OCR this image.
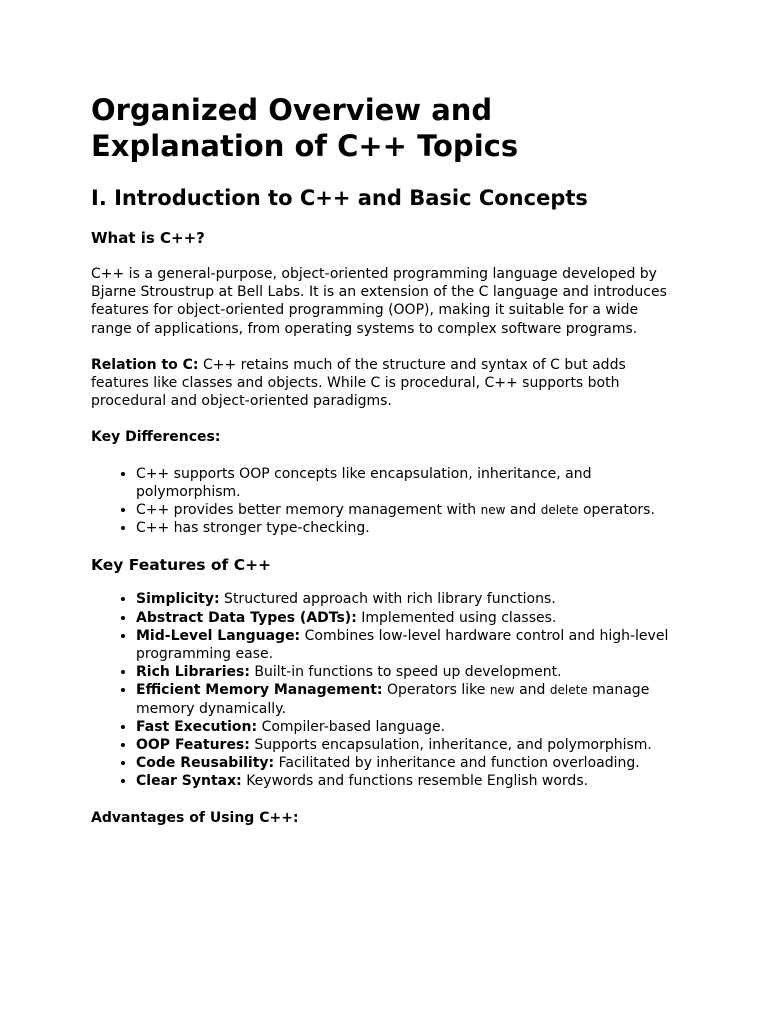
Organized Overview and Explanation of C++ Topics
I. Introduction to C++ and Basic Concepts
What is C++?

C++ is a general-purpose, object-oriented programming language developed by Bjarne Stroustrup at Bell Labs. It is an extension of the C language and introduces features for object-oriented programming (OOP), making it suitable for a wide range of applications, from operating systems to complex software programs.

Relation to C: C++ retains much of the structure and syntax of C but adds features like classes and objects. While C is procedural, C++ supports both procedural and object-oriented paradigms.

Key Differences:

• C++ supports OOP concepts like encapsulation, inheritance, and polymorphism.
• C++ provides better memory management with new and delete operators.
• C++ has stronger type-checking.
Key Features of C++
• Simplicity: Structured approach with rich library functions.
• Abstract Data Types (ADTs): Implemented using classes.
• Mid-Level Language: Combines low-level hardware control and high-level programming ease.
• Rich Libraries: Built-in functions to speed up development.
• Efficient Memory Management: Operators like new and delete manage memory dynamically.
• Fast Execution: Compiler-based language.
• OOP Features: Supports encapsulation, inheritance, and polymorphism.
• Code Reusability: Facilitated by inheritance and function overloading.
• Clear Syntax: Keywords and functions resemble English words.

Advantages of Using C++:
